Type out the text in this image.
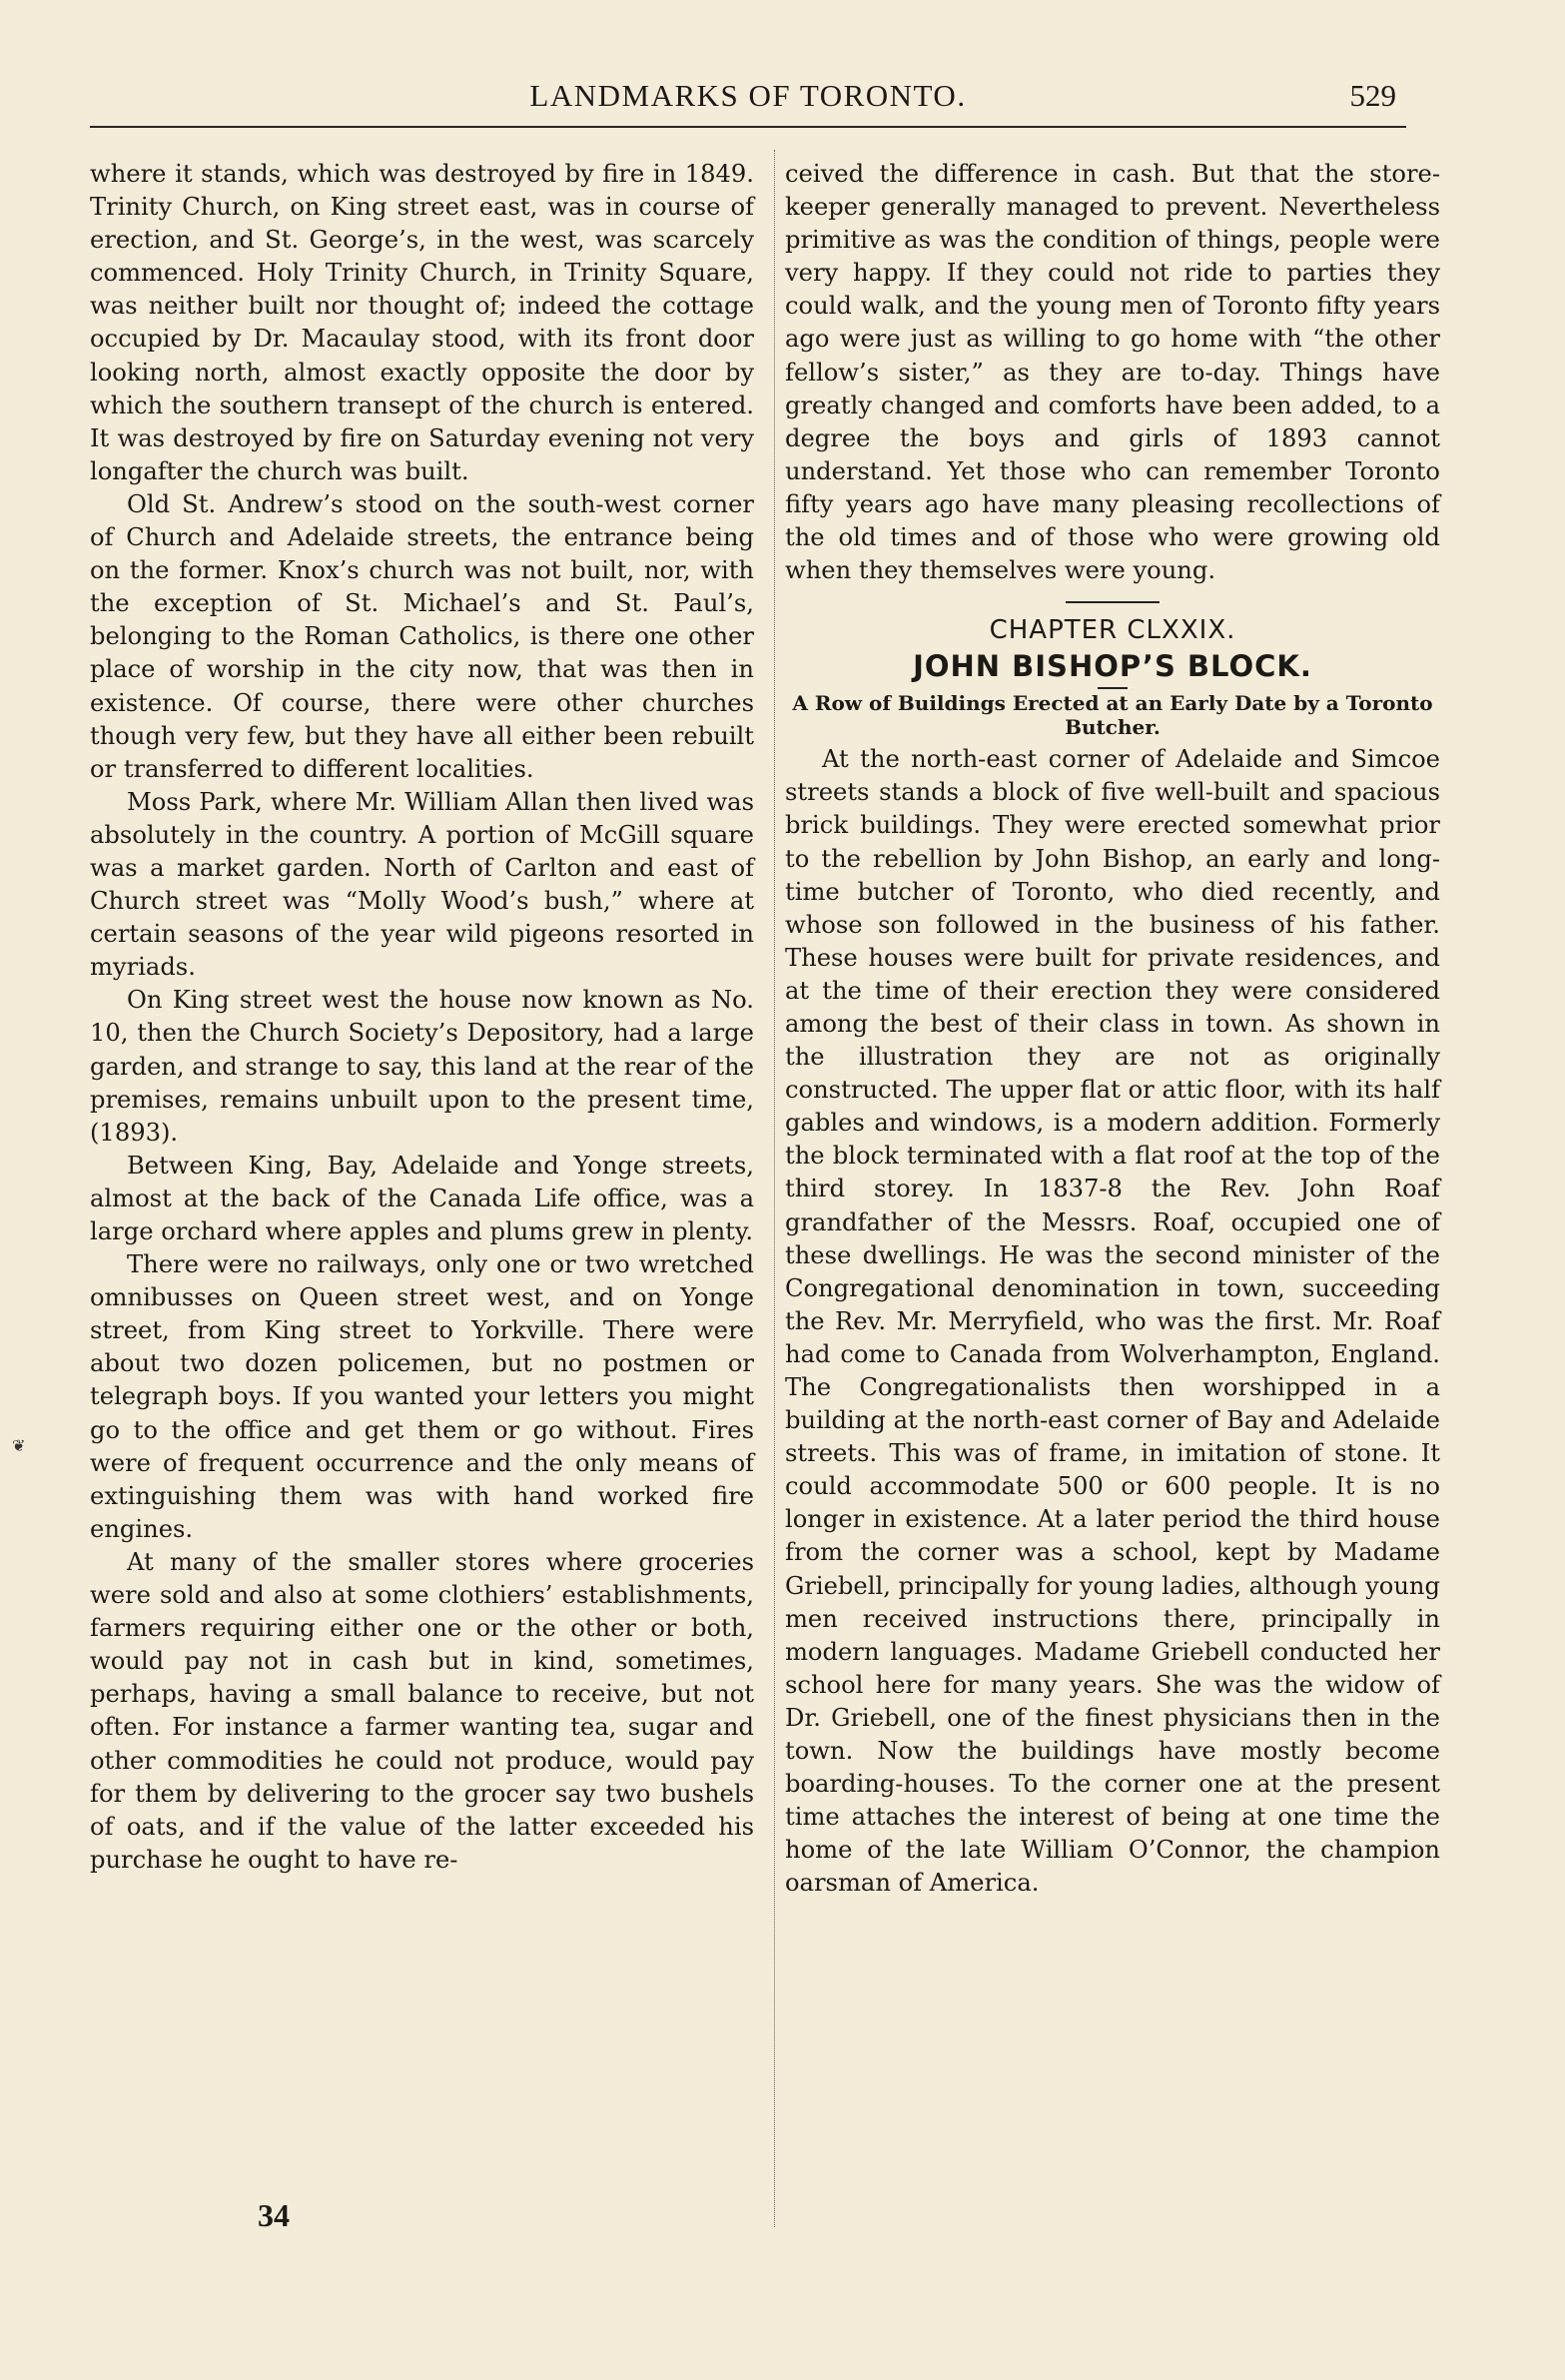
LANDMARKS OF TORONTO.	529
❦

where it stands, which was destroyed by fire in 1849. Trinity Church, on King street east, was in course of erection, and St. George’s, in the west, was scarcely commenced. Holy Trinity Church, in Trinity Square, was neither built nor thought of; indeed the cottage occupied by Dr. Macaulay stood, with its front door looking north, almost exactly opposite the door by which the southern transept of the church is entered. It was destroyed by fire on Saturday evening not very longafter the church was built.

Old St. Andrew’s stood on the south-west corner of Church and Adelaide streets, the entrance being on the former. Knox’s church was not built, nor, with the exception of St. Michael’s and St. Paul’s, belonging to the Roman Catholics, is there one other place of worship in the city now, that was then in existence. Of course, there were other churches though very few, but they have all either been rebuilt or transferred to different localities.

Moss Park, where Mr. William Allan then lived was absolutely in the country. A portion of McGill square was a market garden. North of Carlton and east of Church street was “Molly Wood’s bush,” where at certain seasons of the year wild pigeons resorted in myriads.

On King street west the house now known as No. 10, then the Church Society’s Depository, had a large garden, and strange to say, this land at the rear of the premises, remains unbuilt upon to the present time, (1893).

Between King, Bay, Adelaide and Yonge streets, almost at the back of the Canada Life office, was a large orchard where apples and plums grew in plenty.

There were no railways, only one or two wretched omnibusses on Queen street west, and on Yonge street, from King street to Yorkville. There were about two dozen policemen, but no postmen or telegraph boys. If you wanted your letters you might go to the office and get them or go without. Fires were of frequent occurrence and the only means of extinguishing them was with hand worked fire engines.

At many of the smaller stores where groceries were sold and also at some clothiers’ establishments, farmers requiring either one or the other or both, would pay not in cash but in kind, sometimes, perhaps, having a small balance to receive, but not often. For instance a farmer wanting tea, sugar and other commodities he could not produce, would pay for them by delivering to the grocer say two bushels of oats, and if the value of the latter exceeded his purchase he ought to have re-

ceived the difference in cash. But that the store-keeper generally managed to prevent. Nevertheless primitive as was the condition of things, people were very happy. If they could not ride to parties they could walk, and the young men of Toronto fifty years ago were just as willing to go home with “the other fellow’s sister,” as they are to-day. Things have greatly changed and comforts have been added, to a degree the boys and girls of 1893 cannot understand. Yet those who can remember Toronto fifty years ago have many pleasing recollections of the old times and of those who were growing old when they themselves were young.

CHAPTER CLXXIX.
JOHN BISHOP’S BLOCK.
A Row of Buildings Erected at an Early Date by a Toronto Butcher.

At the north-east corner of Adelaide and Simcoe streets stands a block of five well-built and spacious brick buildings. They were erected somewhat prior to the rebellion by John Bishop, an early and long-time butcher of Toronto, who died recently, and whose son followed in the business of his father. These houses were built for private residences, and at the time of their erection they were considered among the best of their class in town. As shown in the illustration they are not as originally constructed. The upper flat or attic floor, with its half gables and windows, is a modern addition. Formerly the block terminated with a flat roof at the top of the third storey. In 1837-8 the Rev. John Roaf grandfather of the Messrs. Roaf, occupied one of these dwellings. He was the second minister of the Congregational denomination in town, succeeding the Rev. Mr. Merryfield, who was the first. Mr. Roaf had come to Canada from Wolverhampton, England. The Congregationalists then worshipped in a building at the north-east corner of Bay and Adelaide streets. This was of frame, in imitation of stone. It could accommodate 500 or 600 people. It is no longer in existence. At a later period the third house from the corner was a school, kept by Madame Griebell, principally for young ladies, although young men received instructions there, principally in modern languages. Madame Griebell conducted her school here for many years. She was the widow of Dr. Griebell, one of the finest physicians then in the town. Now the buildings have mostly become boarding-houses. To the corner one at the present time attaches the interest of being at one time the home of the late William O’Connor, the champion oarsman of America.

34
